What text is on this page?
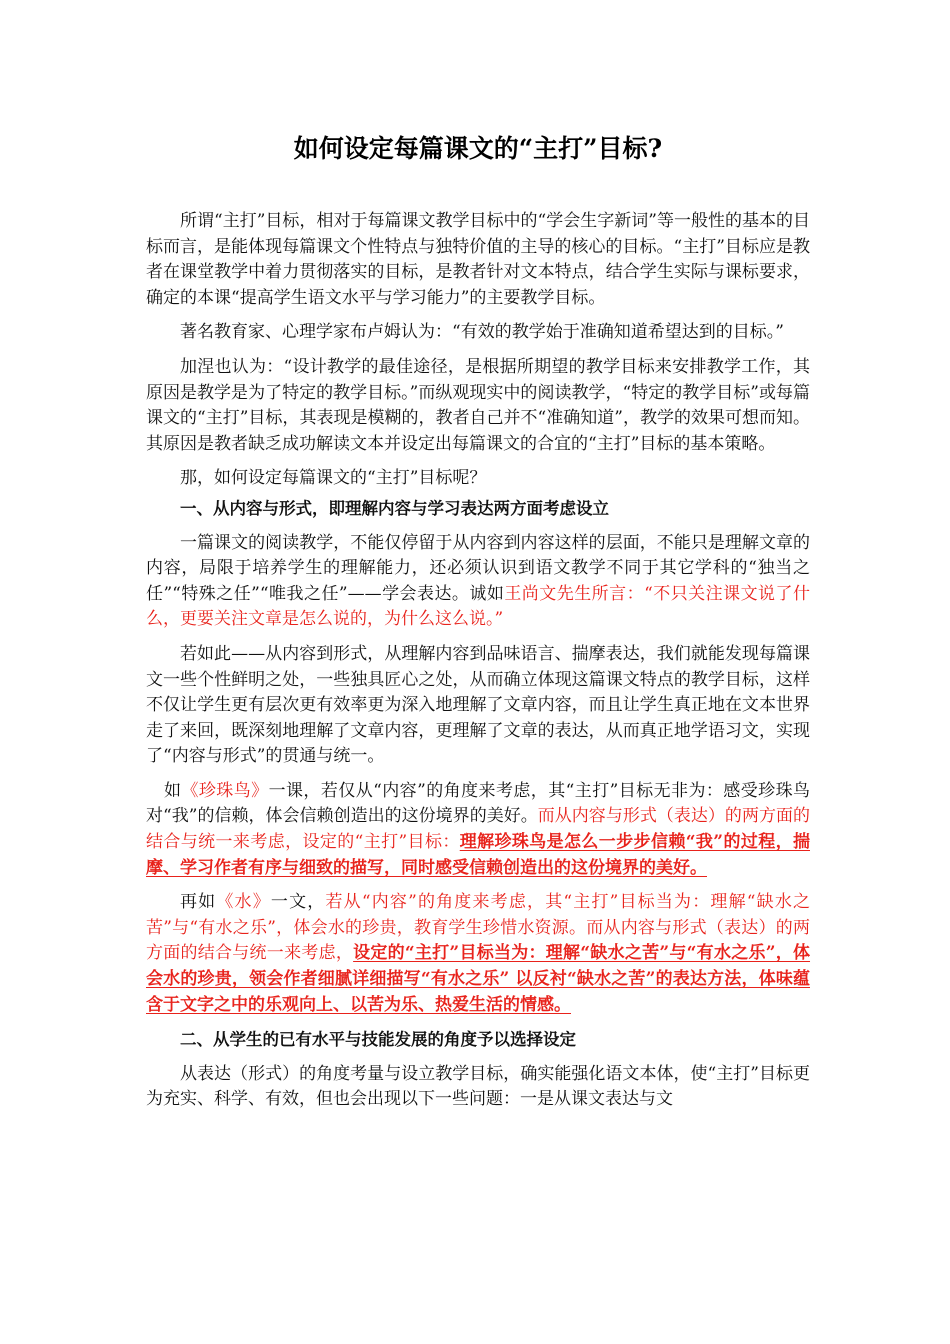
如何设定每篇课文的“主打”目标?

所谓“主打”目标，相对于每篇课文教学目标中的“学会生字新词”等一般性的基本的目标而言，是能体现每篇课文个性特点与独特价值的主导的核心的目标。“主打”目标应是教者在课堂教学中着力贯彻落实的目标，是教者针对文本特点，结合学生实际与课标要求，确定的本课“提高学生语文水平与学习能力”的主要教学目标。

著名教育家、心理学家布卢姆认为：“有效的教学始于准确知道希望达到的目标。”

加涅也认为：“设计教学的最佳途径，是根据所期望的教学目标来安排教学工作，其原因是教学是为了特定的教学目标。”而纵观现实中的阅读教学，“特定的教学目标”或每篇课文的“主打”目标，其表现是模糊的，教者自己并不“准确知道”，教学的效果可想而知。其原因是教者缺乏成功解读文本并设定出每篇课文的合宜的“主打”目标的基本策略。

那，如何设定每篇课文的“主打”目标呢？

一、从内容与形式，即理解内容与学习表达两方面考虑设立

一篇课文的阅读教学，不能仅停留于从内容到内容这样的层面，不能只是理解文章的内容，局限于培养学生的理解能力，还必须认识到语文教学不同于其它学科的“独当之任”“特殊之任”“唯我之任”——学会表达。诚如王尚文先生所言：“不只关注课文说了什么，更要关注文章是怎么说的，为什么这么说。”

若如此——从内容到形式，从理解内容到品味语言、揣摩表达，我们就能发现每篇课文一些个性鲜明之处，一些独具匠心之处，从而确立体现这篇课文特点的教学目标，这样不仅让学生更有层次更有效率更为深入地理解了文章内容，而且让学生真正地在文本世界走了来回，既深刻地理解了文章内容，更理解了文章的表达，从而真正地学语习文，实现了“内容与形式”的贯通与统一。

如《珍珠鸟》一课，若仅从“内容”的角度来考虑，其“主打”目标无非为：感受珍珠鸟对“我”的信赖，体会信赖创造出的这份境界的美好。而从内容与形式（表达）的两方面的结合与统一来考虑，设定的“主打”目标：理解珍珠鸟是怎么一步步信赖“我”的过程，揣摩、学习作者有序与细致的描写，同时感受信赖创造出的这份境界的美好。

再如《水》一文，若从“内容”的角度来考虑，其“主打”目标当为：理解“缺水之苦”与“有水之乐”，体会水的珍贵，教育学生珍惜水资源。而从内容与形式（表达）的两方面的结合与统一来考虑，设定的“主打”目标当为：理解“缺水之苦”与“有水之乐”，体会水的珍贵，领会作者细腻详细描写“有水之乐” 以反衬“缺水之苦”的表达方法，体味蕴含于文字之中的乐观向上、以苦为乐、热爱生活的情感。

二、从学生的已有水平与技能发展的角度予以选择设定

从表达（形式）的角度考量与设立教学目标，确实能强化语文本体，使“主打”目标更为充实、科学、有效，但也会出现以下一些问题：一是从课文表达与文
